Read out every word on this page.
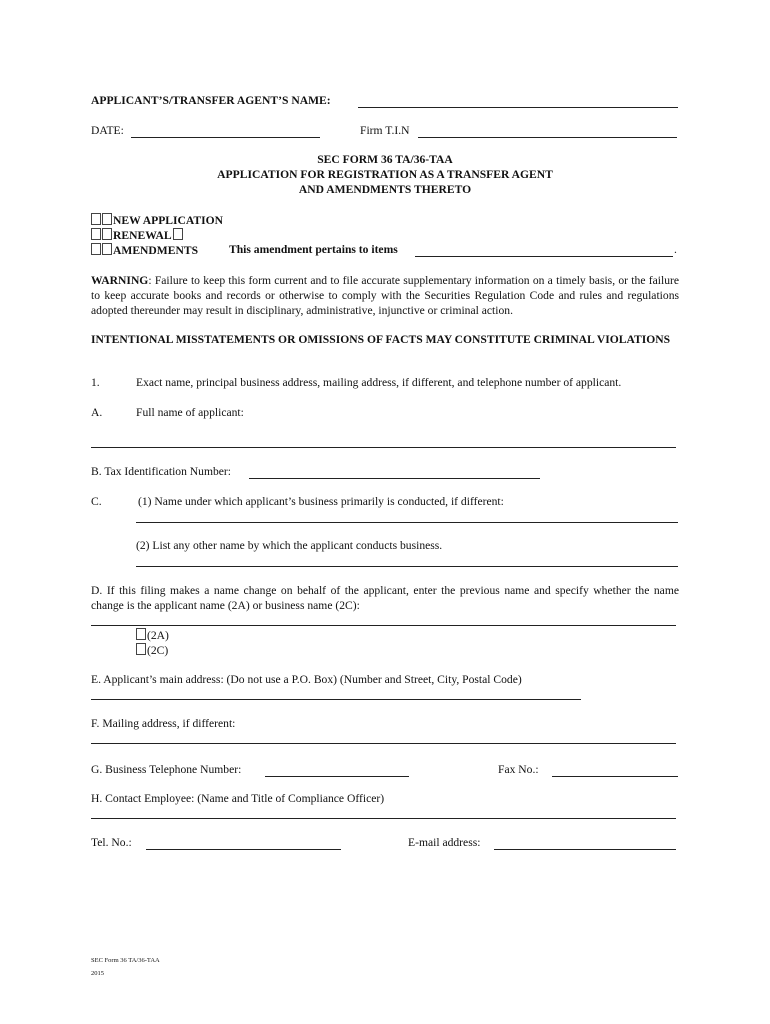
APPLICANT’S/TRANSFER AGENT’S NAME:
DATE:	Firm T.I.N
SEC FORM 36 TA/36-TAA
APPLICATION FOR REGISTRATION AS A TRANSFER AGENT
AND AMENDMENTS THERETO
NEW APPLICATION
RENEWAL
AMENDMENTS	This amendment pertains to items	.
WARNING: Failure to keep this form current and to file accurate supplementary information on a timely basis, or the failure to keep accurate books and records or otherwise to comply with the Securities Regulation Code and rules and regulations adopted thereunder may result in disciplinary, administrative, injunctive or criminal action.
INTENTIONAL MISSTATEMENTS OR OMISSIONS OF FACTS MAY CONSTITUTE CRIMINAL VIOLATIONS
1.	Exact name, principal business address, mailing address, if different, and telephone number of applicant.
A.	Full name of applicant:
B. Tax Identification Number:
C.	(1) Name under which applicant’s business primarily is conducted, if different:
(2) List any other name by which the applicant conducts business.
D. If this filing makes a name change on behalf of the applicant, enter the previous name and specify whether the name change is the applicant name (2A) or business name (2C):
(2A)
(2C)
E. Applicant’s main address: (Do not use a P.O. Box) (Number and Street, City, Postal Code)
F. Mailing address, if different:
G. Business Telephone Number:	Fax No.:
H. Contact Employee: (Name and Title of Compliance Officer)
Tel. No.:	E-mail address:
SEC Form 36 TA/36-TAA
2015
